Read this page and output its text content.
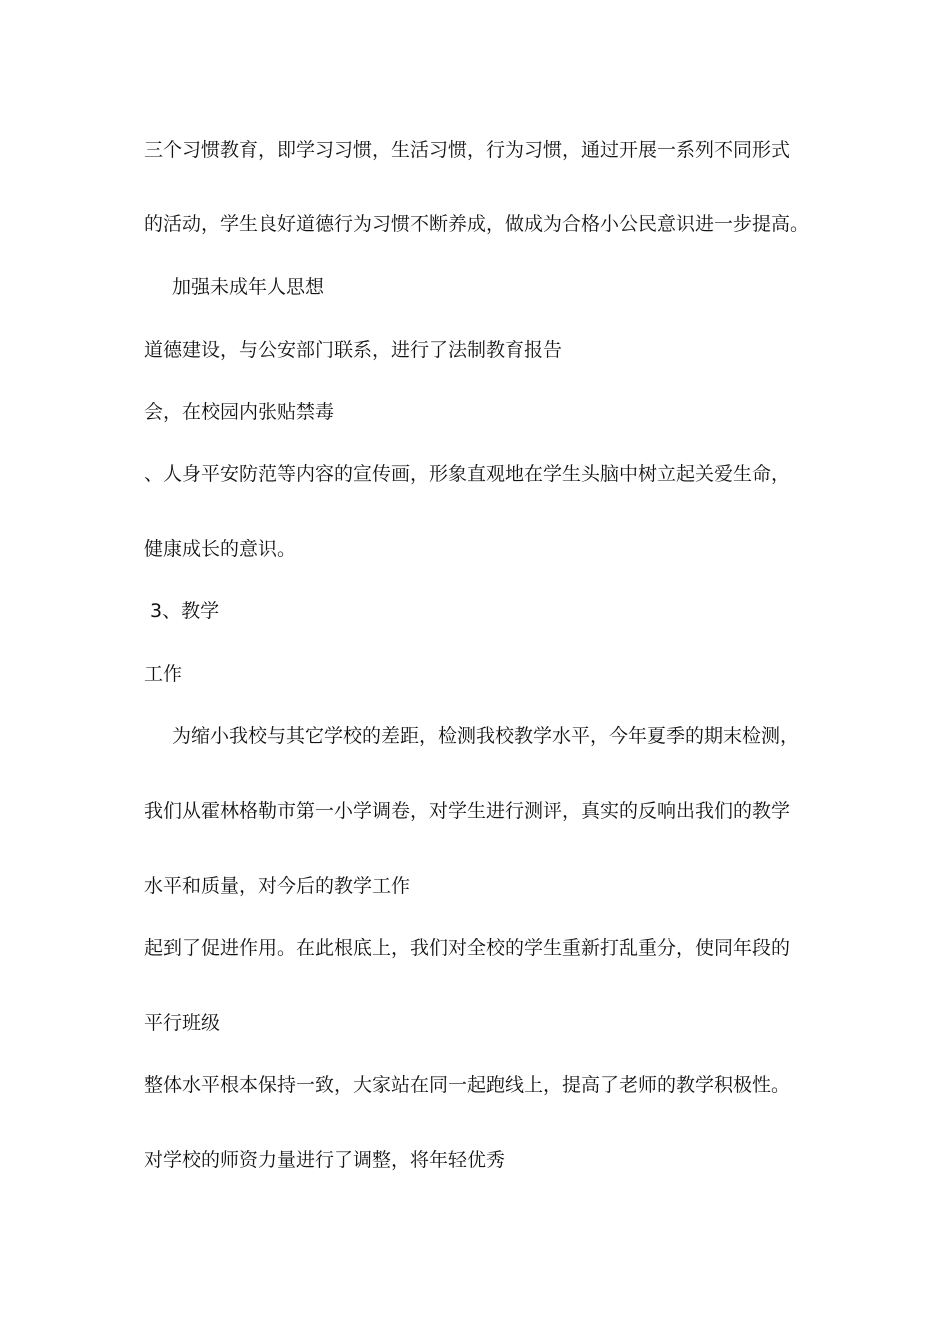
三个习惯教育，即学习习惯，生活习惯，行为习惯，通过开展一系列不同形式
的活动，学生良好道德行为习惯不断养成，做成为合格小公民意识进一步提高。
加强未成年人思想
道德建设，与公安部门联系，进行了法制教育报告
会，在校园内张贴禁毒
、人身平安防范等内容的宣传画，形象直观地在学生头脑中树立起关爱生命，
健康成长的意识。
3、教学
工作
为缩小我校与其它学校的差距，检测我校教学水平，今年夏季的期末检测，
我们从霍林格勒市第一小学调卷，对学生进行测评，真实的反响出我们的教学
水平和质量，对今后的教学工作
起到了促进作用。在此根底上，我们对全校的学生重新打乱重分，使同年段的
平行班级
整体水平根本保持一致，大家站在同一起跑线上，提高了老师的教学积极性。
对学校的师资力量进行了调整，将年轻优秀
